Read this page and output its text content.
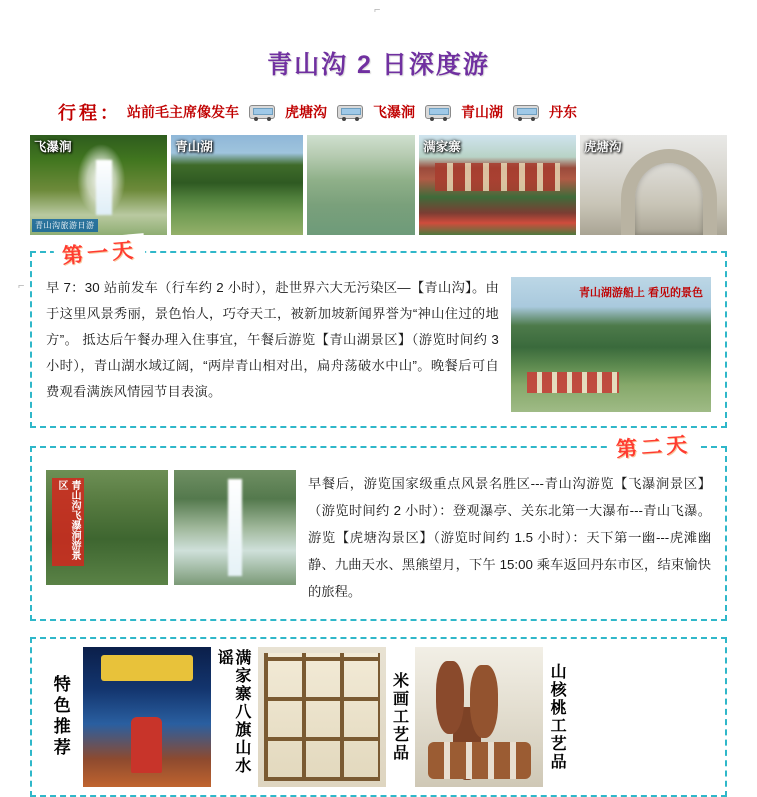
⌐
⌐
青山沟 2 日深度游
行程： 站前毛主席像发车	虎塘沟	飞瀑涧	青山湖	丹东
飞瀑涧
青山沟旅游日游
青山湖	满家寨	虎塘沟
第一天
早 7：30 站前发车（行车约 2 小时），赴世界六大无污染区—【青山沟】。由于这里风景秀丽，景色怡人，巧夺天工，被新加坡新闻界誉为“神山住过的地方”。 抵达后午餐办理入住事宜，午餐后游览【青山湖景区】（游览时间约 3 小时），青山湖水域辽阔，“两岸青山相对出，扁舟荡破水中山”。晚餐后可自费观看满族风情园节目表演。
青山湖游船上 看见的景色
第二天
青山沟飞瀑涧游景区	早餐后，游览国家级重点风景名胜区---青山沟游览【飞瀑涧景区】（游览时间约 2 小时）：登观瀑亭、关东北第一大瀑布---青山飞瀑。游览【虎塘沟景区】（游览时间约 1.5 小时）：天下第一幽---虎滩幽静、九曲天水、黑熊望月，下午 15:00 乘车返回丹东市区，结束愉快的旅程。
特色推荐	满家寨八旗山水谣
米画工艺品	山核桃工艺品
